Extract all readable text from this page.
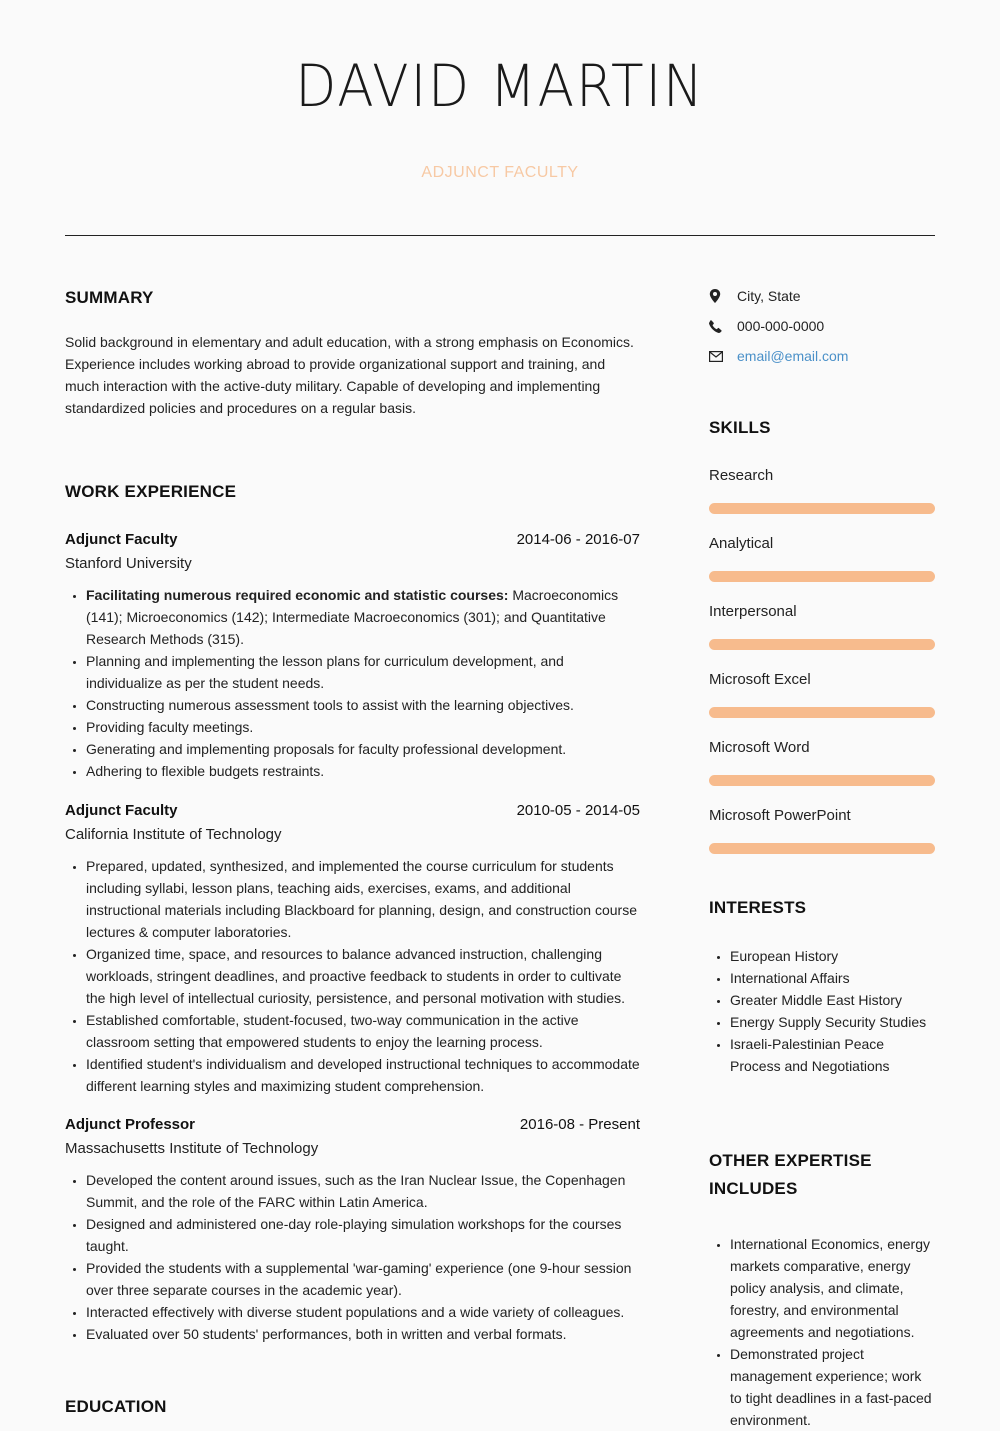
DAVID MARTIN
ADJUNCT FACULTY
SUMMARY

Solid background in elementary and adult education, with a strong emphasis on Economics. Experience includes working abroad to provide organizational support and training, and much interaction with the active-duty military. Capable of developing and implementing standardized policies and procedures on a regular basis.

WORK EXPERIENCE
Adjunct Faculty	2014-06 - 2016-07
Stanford University
• Facilitating numerous required economic and statistic courses: Macroeconomics (141); Microeconomics (142); Intermediate Macroeconomics (301); and Quantitative Research Methods (315).
• Planning and implementing the lesson plans for curriculum development, and individualize as per the student needs.
• Constructing numerous assessment tools to assist with the learning objectives.
• Providing faculty meetings.
• Generating and implementing proposals for faculty professional development.
• Adhering to flexible budgets restraints.
Adjunct Faculty	2010-05 - 2014-05
California Institute of Technology
• Prepared, updated, synthesized, and implemented the course curriculum for students including syllabi, lesson plans, teaching aids, exercises, exams, and additional instructional materials including Blackboard for planning, design, and construction course lectures & computer laboratories.
• Organized time, space, and resources to balance advanced instruction, challenging workloads, stringent deadlines, and proactive feedback to students in order to cultivate the high level of intellectual curiosity, persistence, and personal motivation with studies.
• Established comfortable, student-focused, two-way communication in the active classroom setting that empowered students to enjoy the learning process.
• Identified student's individualism and developed instructional techniques to accommodate different learning styles and maximizing student comprehension.
Adjunct Professor	2016-08 - Present
Massachusetts Institute of Technology
• Developed the content around issues, such as the Iran Nuclear Issue, the Copenhagen Summit, and the role of the FARC within Latin America.
• Designed and administered one-day role-playing simulation workshops for the courses taught.
• Provided the students with a supplemental 'war-gaming' experience (one 9-hour session over three separate courses in the academic year).
• Interacted effectively with diverse student populations and a wide variety of colleagues.
• Evaluated over 50 students' performances, both in written and verbal formats.
EDUCATION
City, State
000-000-0000
email@email.com
SKILLS
Research
Analytical
Interpersonal
Microsoft Excel
Microsoft Word
Microsoft PowerPoint
INTERESTS
• European History
• International Affairs
• Greater Middle East History
• Energy Supply Security Studies
• Israeli-Palestinian Peace Process and Negotiations
OTHER EXPERTISE
INCLUDES
• International Economics, energy markets comparative, energy policy analysis, and climate, forestry, and environmental agreements and negotiations.
• Demonstrated project management experience; work to tight deadlines in a fast-paced environment.
